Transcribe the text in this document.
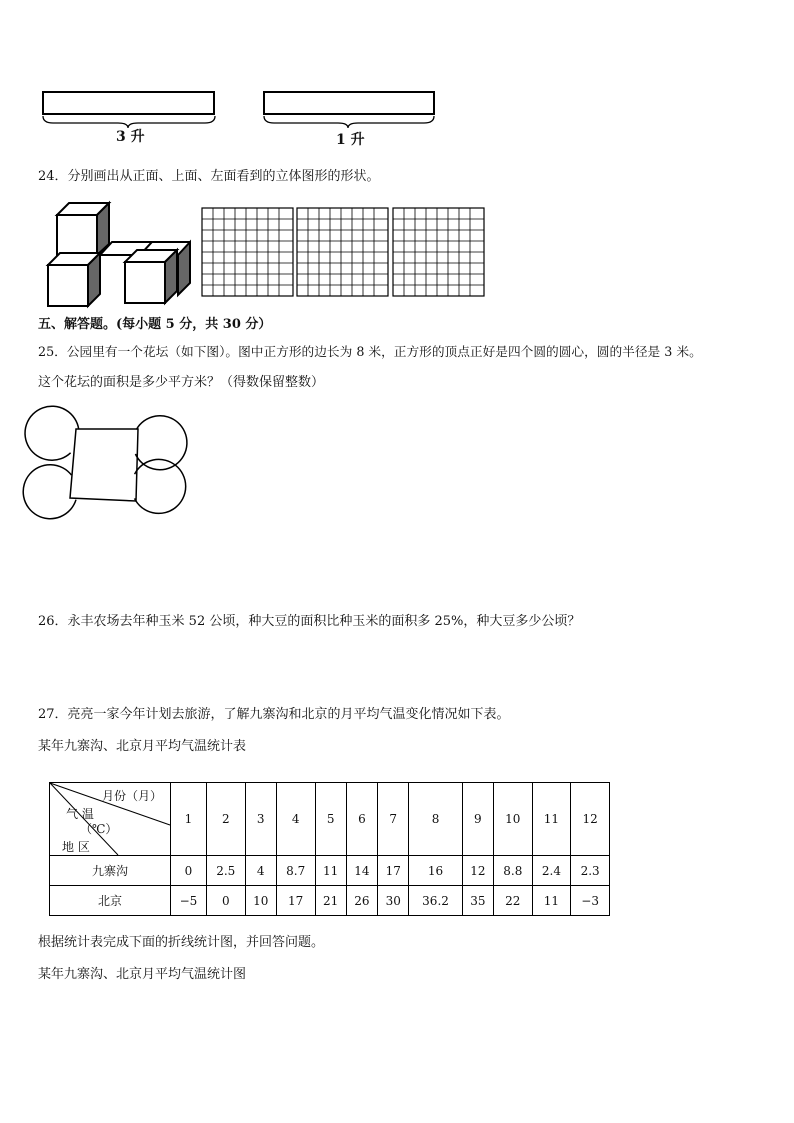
3 升	1 升
24．分别画出从正面、上面、左面看到的立体图形的形状。
五、解答题。(每小题 5 分，共 30 分）
25．公园里有一个花坛（如下图）。图中正方形的边长为 8 米，正方形的顶点正好是四个圆的圆心，圆的半径是 3 米。
这个花坛的面积是多少平方米？（得数保留整数）
26．永丰农场去年种玉米 52 公顷，种大豆的面积比种玉米的面积多 25%，种大豆多少公顷？
27．亮亮一家今年计划去旅游，了解九寨沟和北京的月平均气温变化情况如下表。
某年九寨沟、北京月平均气温统计表
月份（月）
气 温
（℃）
地 区	1	2	3	4	5	6	7	8	9	10	11	12
九寨沟	0	2.5	4	8.7	11	14	17	16	12	8.8	2.4	2.3
北京	−5	0	10	17	21	26	30	36.2	35	22	11	−3
根据统计表完成下面的折线统计图，并回答问题。
某年九寨沟、北京月平均气温统计图
